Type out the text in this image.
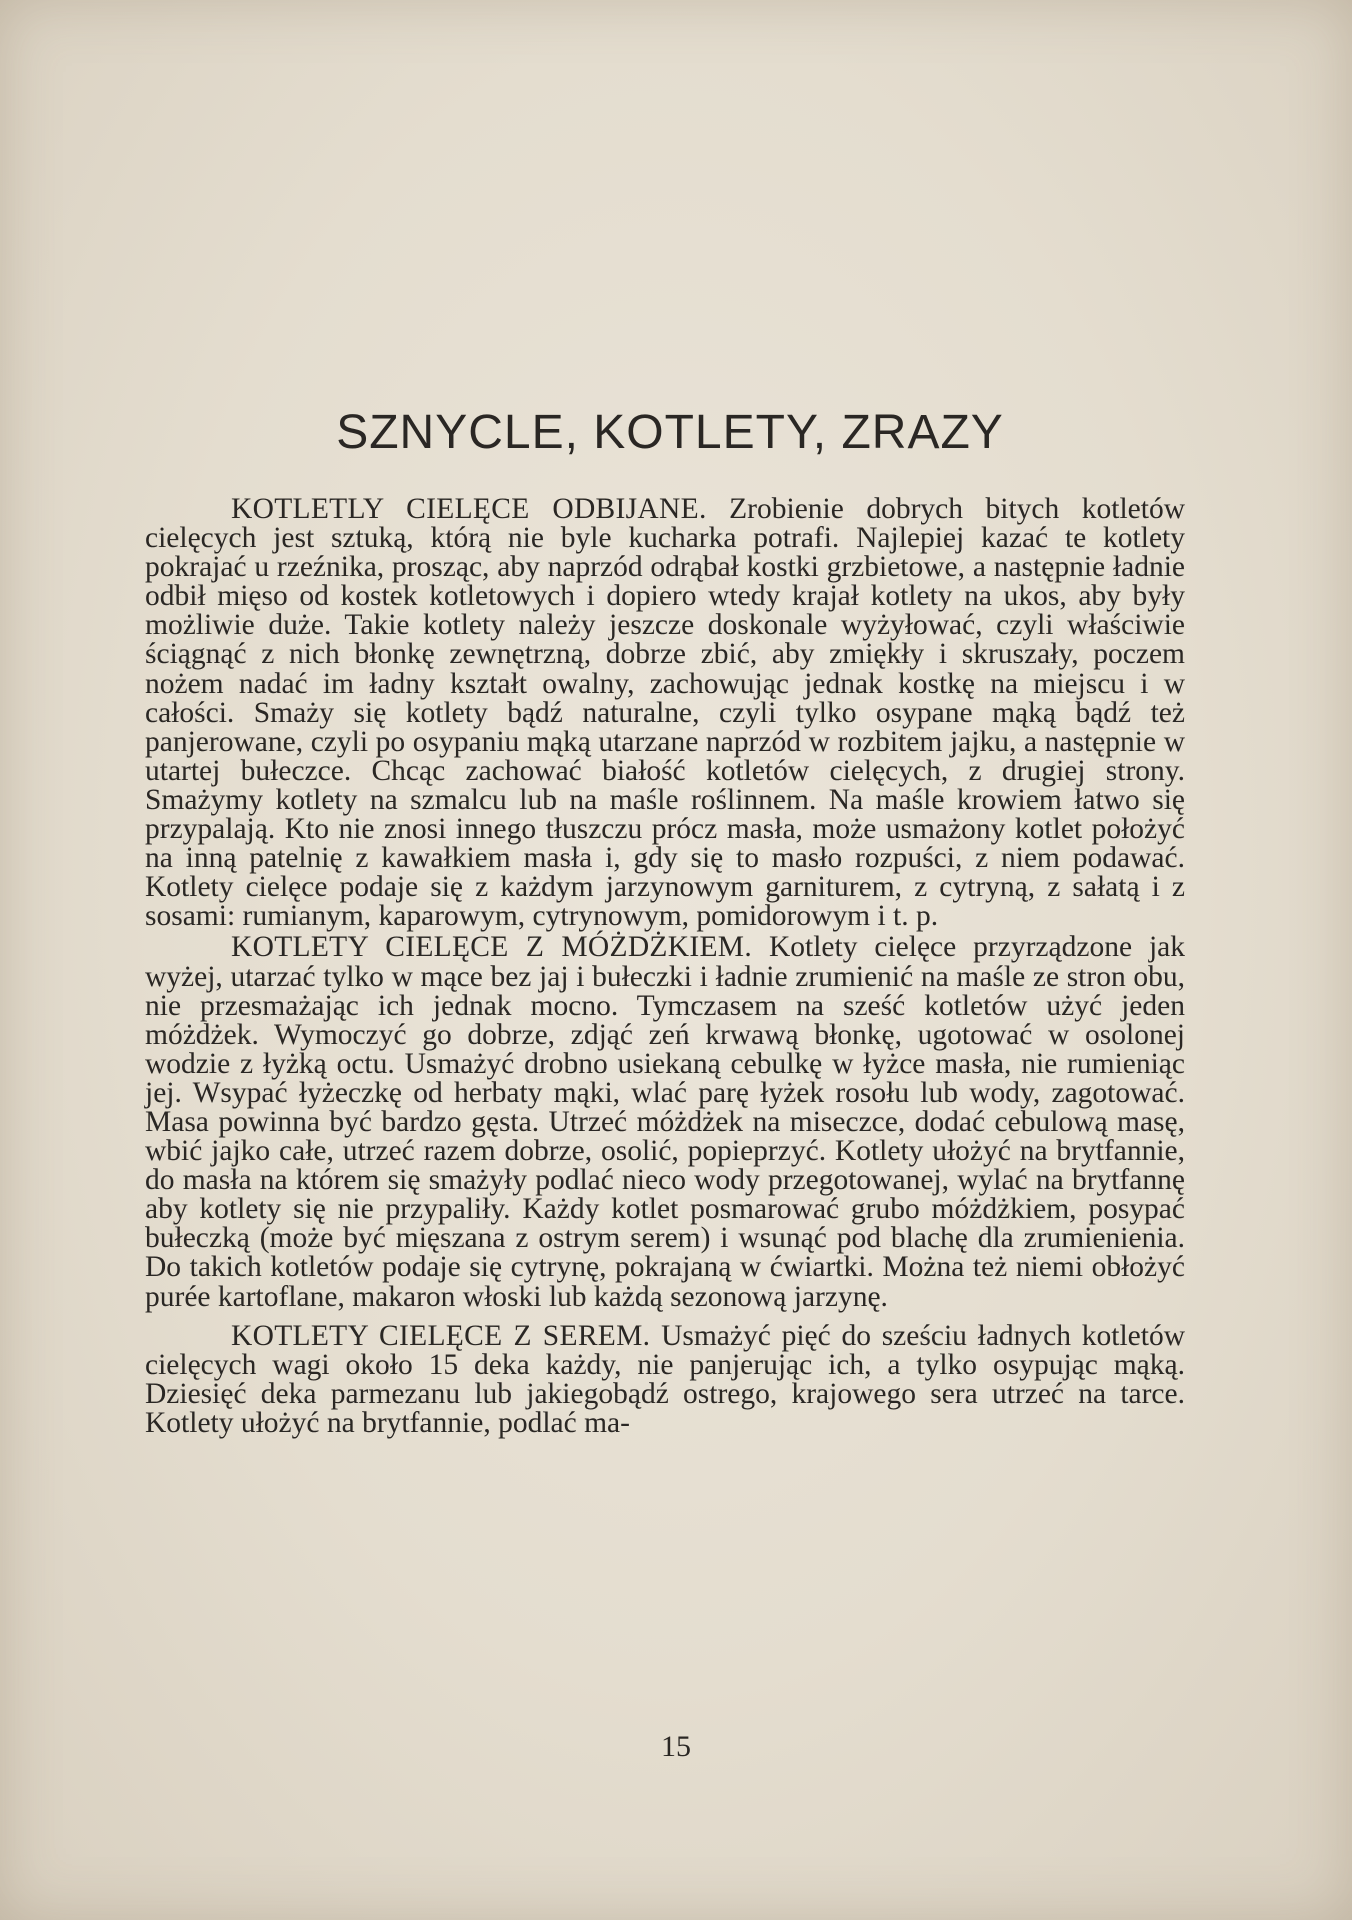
SZNYCLE, KOTLETY, ZRAZY

KOTLETLY CIELĘCE ODBIJANE. Zrobienie dobrych bitych kotletów cielęcych jest sztuką, którą nie byle kucharka potrafi. Najlepiej kazać te kotlety pokrajać u rzeźnika, prosząc, aby naprzód odrąbał kostki grzbietowe, a następnie ładnie odbił mięso od kostek kotletowych i dopiero wtedy krajał kotlety na ukos, aby były możliwie duże. Takie kotlety należy jeszcze doskonale wyżyłować, czyli właściwie ściągnąć z nich błonkę zewnętrzną, dobrze zbić, aby zmiękły i skruszały, poczem nożem nadać im ładny kształt owalny, zachowując jednak kostkę na miejscu i w całości. Smaży się kotlety bądź naturalne, czyli tylko osypane mąką bądź też panjerowane, czyli po osypaniu mąką utarzane naprzód w rozbitem jajku, a następnie w utartej bułeczce. Chcąc zachować białość kotletów cielęcych, z drugiej strony. Smażymy kotlety na szmalcu lub na maśle roślinnem. Na maśle krowiem łatwo się przypalają. Kto nie znosi innego tłuszczu prócz masła, może usmażony kotlet położyć na inną patelnię z kawałkiem masła i, gdy się to masło rozpuści, z niem podawać. Kotlety cielęce podaje się z każdym jarzynowym garniturem, z cytryną, z sałatą i z sosami: rumianym, kaparowym, cytrynowym, pomidorowym i t. p.

KOTLETY CIELĘCE Z MÓŻDŻKIEM. Kotlety cielęce przyrządzone jak wyżej, utarzać tylko w mące bez jaj i bułeczki i ładnie zrumienić na maśle ze stron obu, nie przesmażając ich jednak mocno. Tymczasem na sześć kotletów użyć jeden móżdżek. Wymoczyć go dobrze, zdjąć zeń krwawą błonkę, ugotować w osolonej wodzie z łyżką octu. Usmażyć drobno usiekaną cebulkę w łyżce masła, nie rumieniąc jej. Wsypać łyżeczkę od herbaty mąki, wlać parę łyżek rosołu lub wody, zagotować. Masa powinna być bardzo gęsta. Utrzeć móżdżek na miseczce, dodać cebulową masę, wbić jajko całe, utrzeć razem dobrze, osolić, popieprzyć. Kotlety ułożyć na brytfannie, do masła na którem się smażyły podlać nieco wody przegotowanej, wylać na brytfannę aby kotlety się nie przypaliły. Każdy kotlet posmarować grubo móżdżkiem, posypać bułeczką (może być mięszana z ostrym serem) i wsunąć pod blachę dla zrumienienia. Do takich kotletów podaje się cytrynę, pokrajaną w ćwiartki. Można też niemi obłożyć purée kartoflane, makaron włoski lub każdą sezonową jarzynę.

KOTLETY CIELĘCE Z SEREM. Usmażyć pięć do sześciu ładnych kotletów cielęcych wagi około 15 deka każdy, nie panjerując ich, a tylko osypując mąką. Dziesięć deka parmezanu lub jakiegobądź ostrego, krajowego sera utrzeć na tarce. Kotlety ułożyć na brytfannie, podlać ma-

15
